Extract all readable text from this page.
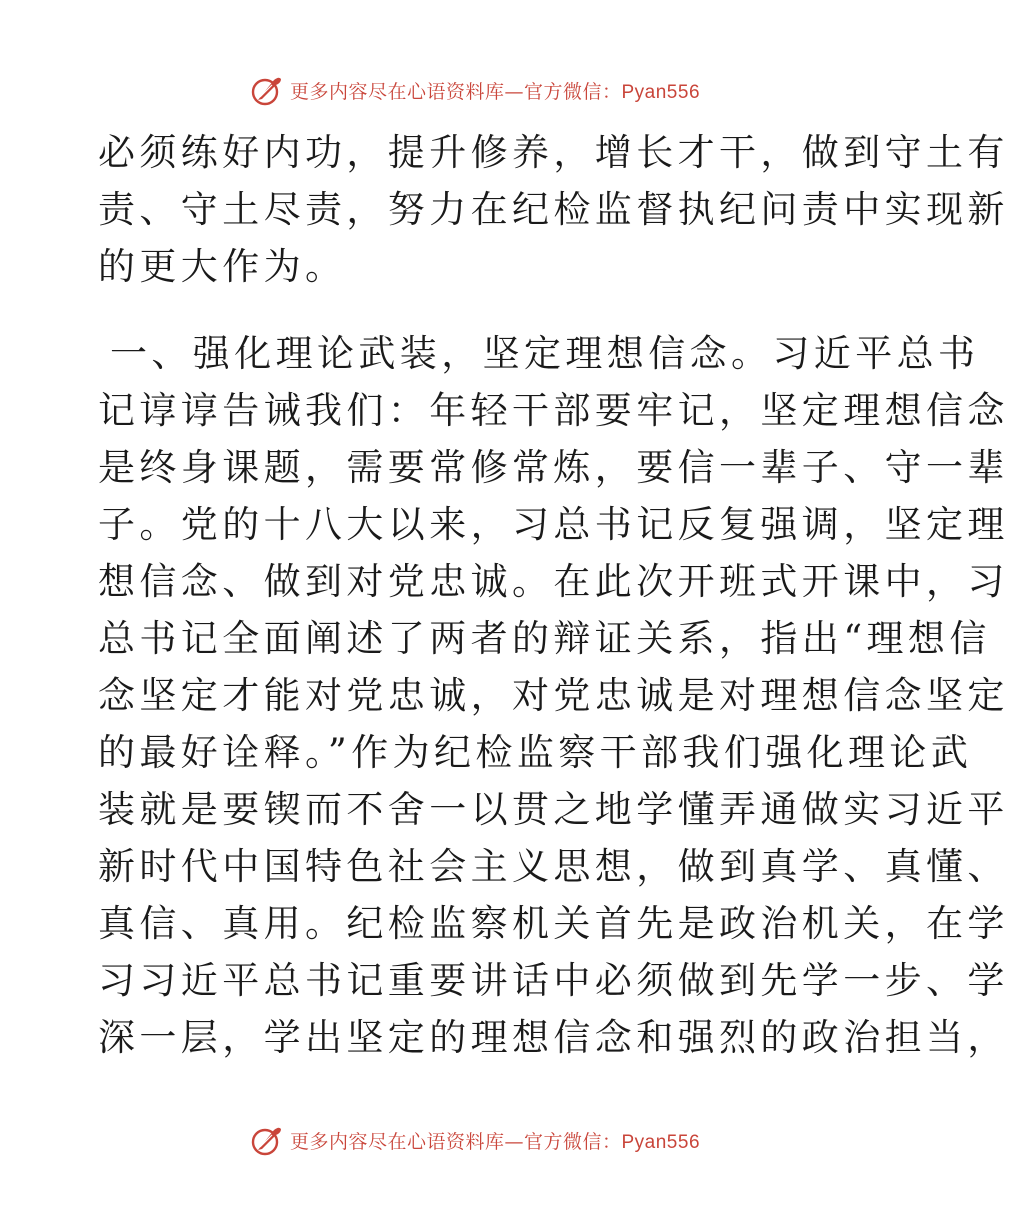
更多内容尽在心语资料库—官方微信：Pyan556
必须练好内功，提升修养，增长才干，做到守土有
责、守土尽责，努力在纪检监督执纪问责中实现新
的更大作为。
一、强化理论武装，坚定理想信念。习近平总书
记谆谆告诫我们：年轻干部要牢记，坚定理想信念
是终身课题，需要常修常炼，要信一辈子、守一辈
子。党的十八大以来，习总书记反复强调，坚定理
想信念、做到对党忠诚。在此次开班式开课中，习
总书记全面阐述了两者的辩证关系，指出“理想信
念坚定才能对党忠诚，对党忠诚是对理想信念坚定
的最好诠释。”作为纪检监察干部我们强化理论武
装就是要锲而不舍一以贯之地学懂弄通做实习近平
新时代中国特色社会主义思想，做到真学、真懂、
真信、真用。纪检监察机关首先是政治机关，在学
习习近平总书记重要讲话中必须做到先学一步、学
深一层，学出坚定的理想信念和强烈的政治担当，
更多内容尽在心语资料库—官方微信：Pyan556
